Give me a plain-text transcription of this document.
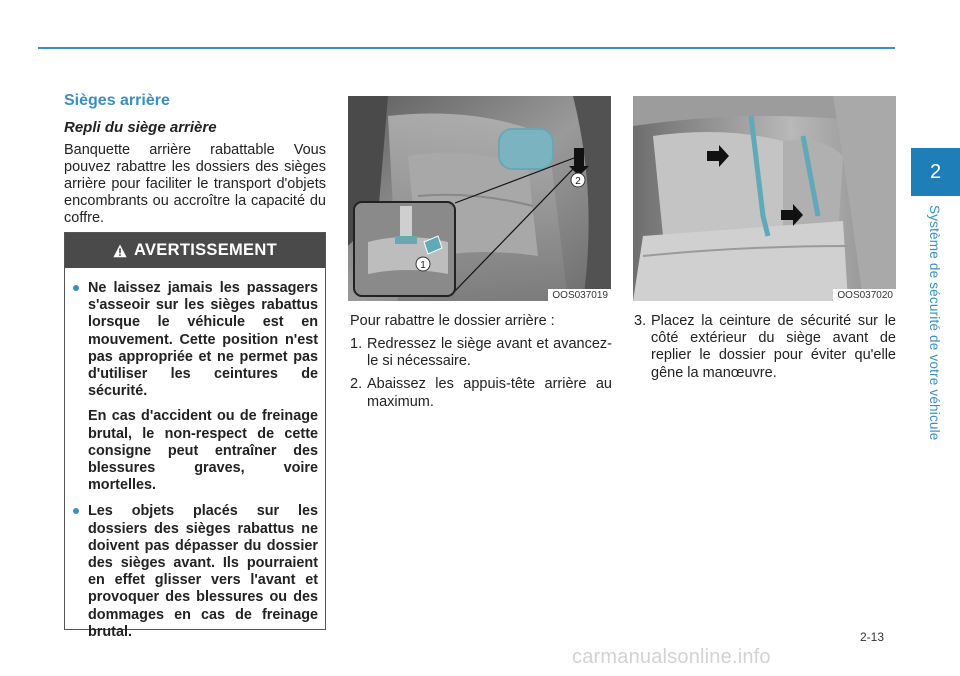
2
Système de sécurité de votre véhicule
Sièges arrière
Repli du siège arrière

Banquette arrière rabattable Vous pouvez rabattre les dossiers des sièges arrière pour faciliter le transport d'objets encombrants ou accroître la capacité du coffre.

AVERTISSEMENT
Ne laissez jamais les passagers s'asseoir sur les sièges rabattus lorsque le véhicule est en mouvement. Cette position n'est pas appropriée et ne permet pas d'utiliser les ceintures de sécurité.
En cas d'accident ou de freinage brutal, le non-respect de cette consigne peut entraîner des blessures graves, voire mortelles.
Les objets placés sur les dossiers des sièges rabattus ne doivent pas dépasser du dossier des sièges avant. Ils pourraient en effet glisser vers l'avant et provoquer des blessures ou des dommages en cas de freinage brutal.
2
1
OOS037019	OOS037020
Pour rabattre le dossier arrière :
1. Redressez le siège avant et avancez-le si nécessaire.
2. Abaissez les appuis-tête arrière au maximum.
3. Placez la ceinture de sécurité sur le côté extérieur du siège avant de replier le dossier pour éviter qu'elle gêne la manœuvre.
2-13
carmanualsonline.info
